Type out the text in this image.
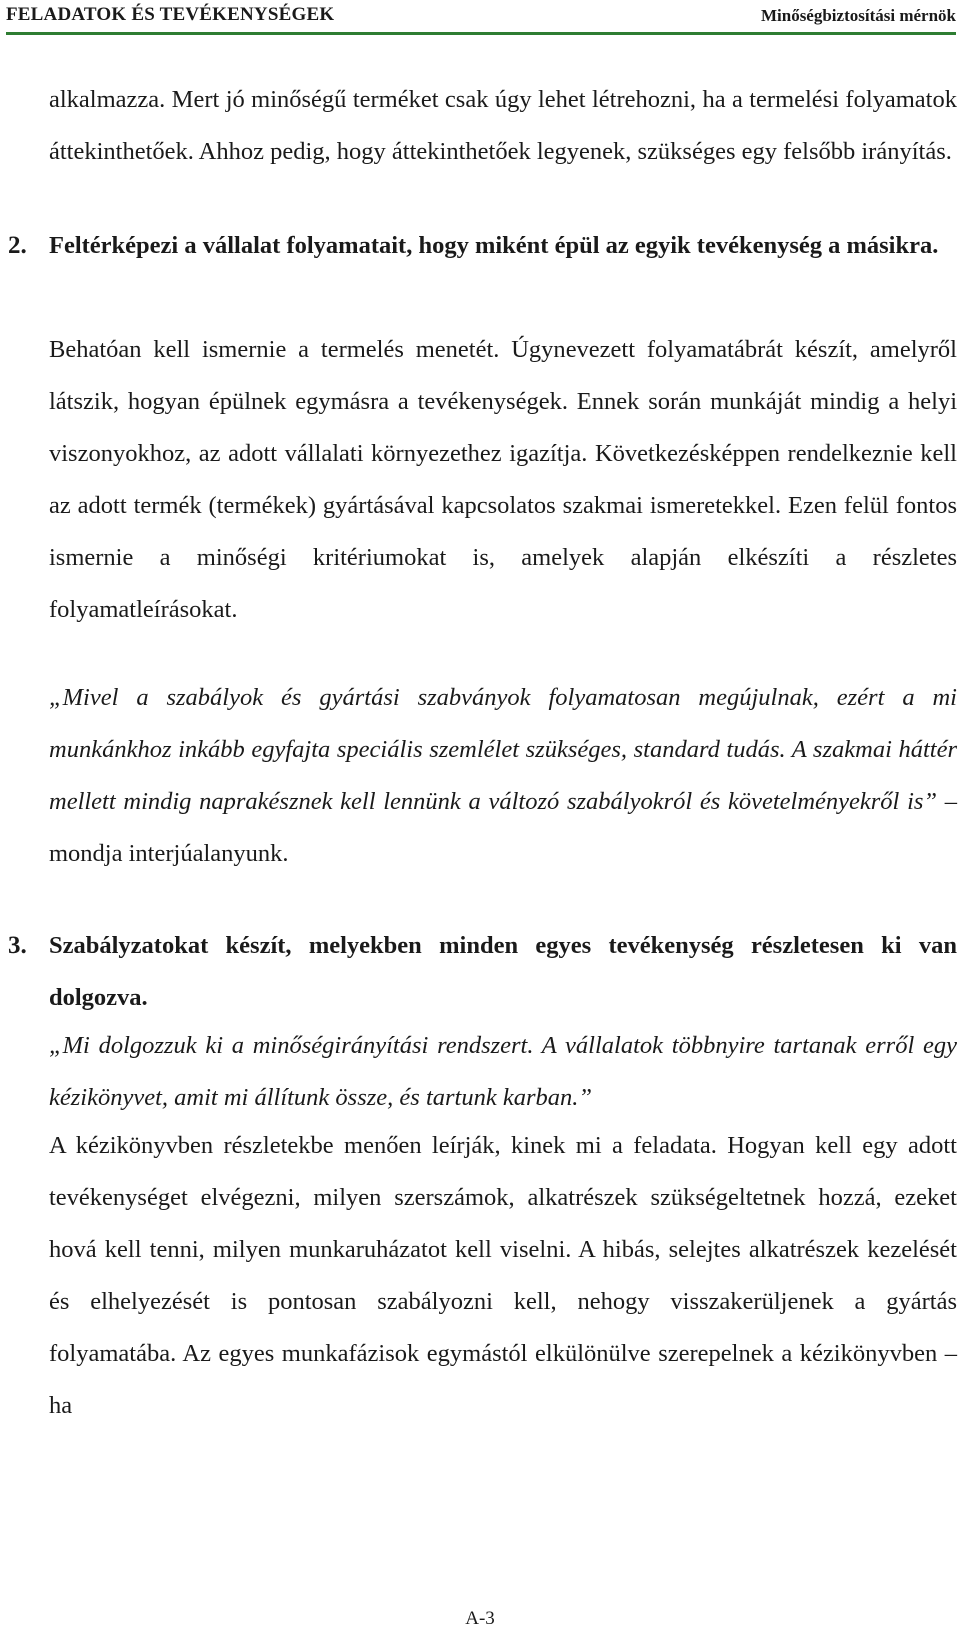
FELADATOK ÉS TEVÉKENYSÉGEK	Minőségbiztosítási mérnök

alkalmazza. Mert jó minőségű terméket csak úgy lehet létrehozni, ha a termelési folyamatok áttekinthetőek. Ahhoz pedig, hogy áttekinthetőek legyenek, szükséges egy felsőbb irányítás.

2. Feltérképezi a vállalat folyamatait, hogy miként épül az egyik tevékenység a másikra.

Behatóan kell ismernie a termelés menetét. Úgynevezett folyamatábrát készít, amelyről látszik, hogyan épülnek egymásra a tevékenységek. Ennek során munkáját mindig a helyi viszonyokhoz, az adott vállalati környezethez igazítja. Következésképpen rendelkeznie kell az adott termék (termékek) gyártásával kapcsolatos szakmai ismeretekkel. Ezen felül fontos ismernie a minőségi kritériumokat is, amelyek alapján elkészíti a részletes folyamatleírásokat.

„Mivel a szabályok és gyártási szabványok folyamatosan megújulnak, ezért a mi munkánkhoz inkább egyfajta speciális szemlélet szükséges, standard tudás. A szakmai háttér mellett mindig naprakésznek kell lennünk a változó szabályokról és követelményekről is” – mondja interjúalanyunk.

3. Szabályzatokat készít, melyekben minden egyes tevékenység részletesen ki van dolgozva.

„Mi dolgozzuk ki a minőségirányítási rendszert. A vállalatok többnyire tartanak erről egy kézikönyvet, amit mi állítunk össze, és tartunk karban.”

A kézikönyvben részletekbe menően leírják, kinek mi a feladata. Hogyan kell egy adott tevékenységet elvégezni, milyen szerszámok, alkatrészek szükségeltetnek hozzá, ezeket hová kell tenni, milyen munkaruházatot kell viselni. A hibás, selejtes alkatrészek kezelését és elhelyezését is pontosan szabályozni kell, nehogy visszakerüljenek a gyártás folyamatába. Az egyes munkafázisok egymástól elkülönülve szerepelnek a kézikönyvben – ha

A-3
